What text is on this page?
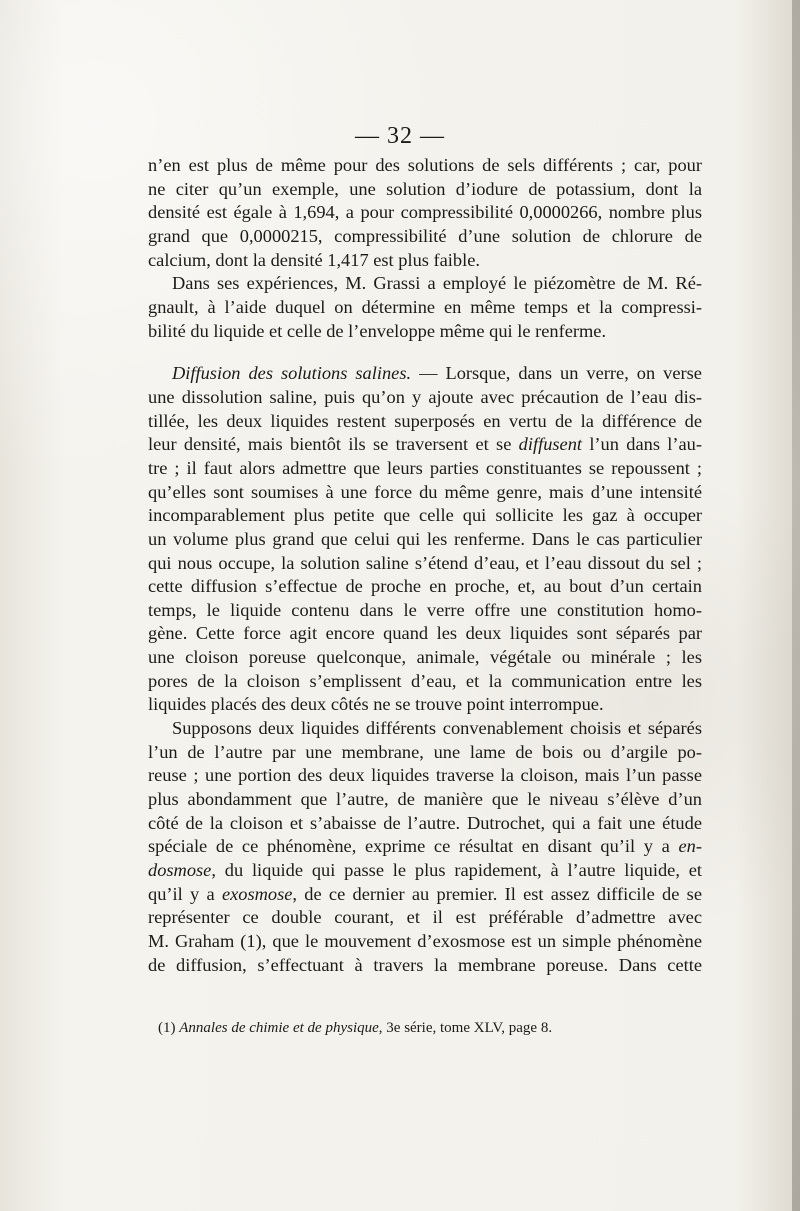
— 32 —
n’en est plus de même pour des solutions de sels différents ; car, pour
ne citer qu’un exemple, une solution d’iodure de potassium, dont la
densité est égale à 1,694, a pour compressibilité 0,0000266, nombre plus
grand que 0,0000215, compressibilité d’une solution de chlorure de
calcium, dont la densité 1,417 est plus faible.
Dans ses expériences, M. Grassi a employé le piézomètre de M. Ré-
gnault, à l’aide duquel on détermine en même temps et la compressi-
bilité du liquide et celle de l’enveloppe même qui le renferme.
Diffusion des solutions salines. — Lorsque, dans un verre, on verse
une dissolution saline, puis qu’on y ajoute avec précaution de l’eau dis-
tillée, les deux liquides restent superposés en vertu de la différence de
leur densité, mais bientôt ils se traversent et se diffusent l’un dans l’au-
tre ; il faut alors admettre que leurs parties constituantes se repoussent ;
qu’elles sont soumises à une force du même genre, mais d’une intensité
incomparablement plus petite que celle qui sollicite les gaz à occuper
un volume plus grand que celui qui les renferme. Dans le cas particulier
qui nous occupe, la solution saline s’étend d’eau, et l’eau dissout du sel ;
cette diffusion s’effectue de proche en proche, et, au bout d’un certain
temps, le liquide contenu dans le verre offre une constitution homo-
gène. Cette force agit encore quand les deux liquides sont séparés par
une cloison poreuse quelconque, animale, végétale ou minérale ; les
pores de la cloison s’emplissent d’eau, et la communication entre les
liquides placés des deux côtés ne se trouve point interrompue.
Supposons deux liquides différents convenablement choisis et séparés
l’un de l’autre par une membrane, une lame de bois ou d’argile po-
reuse ; une portion des deux liquides traverse la cloison, mais l’un passe
plus abondamment que l’autre, de manière que le niveau s’élève d’un
côté de la cloison et s’abaisse de l’autre. Dutrochet, qui a fait une étude
spéciale de ce phénomène, exprime ce résultat en disant qu’il y a en-
dosmose, du liquide qui passe le plus rapidement, à l’autre liquide, et
qu’il y a exosmose, de ce dernier au premier. Il est assez difficile de se
représenter ce double courant, et il est préférable d’admettre avec
M. Graham (1), que le mouvement d’exosmose est un simple phénomène
de diffusion, s’effectuant à travers la membrane poreuse. Dans cette
(1) Annales de chimie et de physique, 3e série, tome XLV, page 8.
